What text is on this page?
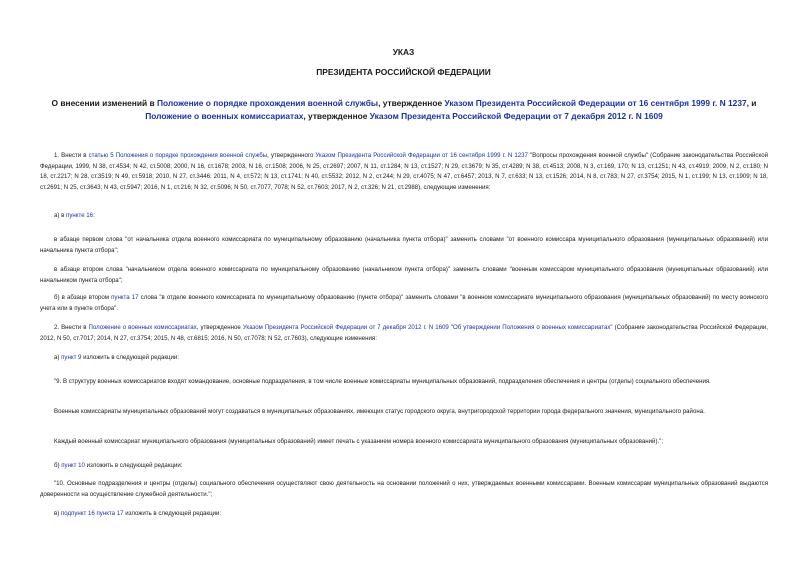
УКАЗ
ПРЕЗИДЕНТА РОССИЙСКОЙ ФЕДЕРАЦИИ
О внесении изменений в Положение о порядке прохождения военной службы, утвержденное Указом Президента Российской Федерации от 16 сентября 1999 г. N 1237, и Положение о военных комиссариатах, утвержденное Указом Президента Российской Федерации от 7 декабря 2012 г. N 1609
1. Внести в статью 5 Положения о порядке прохождения военной службы, утвержденного Указом Президента Российской Федерации от 16 сентября 1999 г. N 1237 "Вопросы прохождения военной службы" (Собрание законодательства Российской Федерации, 1999, N 38, ст.4534; N 42, ст.5008; 2000, N 16, ст.1678; 2003, N 16, ст.1508; 2006, N 25, ст.2697; 2007, N 11, ст.1284; N 13, ст.1527; N 29, ст.3679; N 35, ст.4289; N 38, ст.4513; 2008, N 3, ст.169, 170; N 13, ст.1251; N 43, ст.4919; 2009, N 2, ст.180; N 18, ст.2217; N 28, ст.3519; N 49, ст.5918; 2010, N 27, ст.3446; 2011, N 4, ст.572; N 13, ст.1741; N 40, ст.5532; 2012, N 2, ст.244; N 29, ст.4075; N 47, ст.6457; 2013, N 7, ст.633; N 13, ст.1526; 2014, N 8, ст.783; N 27, ст.3754; 2015, N 1, ст.199; N 13, ст.1909; N 18, ст.2691; N 25, ст.3643; N 43, ст.5947; 2016, N 1, ст.216; N 32, ст.5096; N 50, ст.7077, 7078; N 52, ст.7603; 2017, N 2, ст.326; N 21, ст.2988), следующие изменения:
а) в пункте 16:
в абзаце первом слова "от начальника отдела военного комиссариата по муниципальному образованию (начальника пункта отбора)" заменить словами "от военного комиссара муниципального образования (муниципальных образований) или начальника пункта отбора";
в абзаце втором слова "начальником отдела военного комиссариата по муниципальному образованию (начальником пункта отбора)" заменить словами "военным комиссаром муниципального образования (муниципальных образований) или начальником пункта отбора";
б) в абзаце втором пункта 17 слова "в отделе военного комиссариата по муниципальному образованию (пункте отбора)" заменить словами "в военном комиссариате муниципального образования (муниципальных образований) по месту воинского учета или в пункте отбора".
2. Внести в Положение о военных комиссариатах, утвержденное Указом Президента Российской Федерации от 7 декабря 2012 г. N 1609 "Об утверждении Положения о военных комиссариатах" (Собрание законодательства Российской Федерации, 2012, N 50, ст.7017; 2014, N 27, ст.3754; 2015, N 48, ст.6815; 2016, N 50, ст.7078; N 52, ст.7603), следующие изменения:
а) пункт 9 изложить в следующей редакции:
"9. В структуру военных комиссариатов входят командование, основные подразделения, в том числе военные комиссариаты муниципальных образований, подразделения обеспечения и центры (отделы) социального обеспечения.
Военные комиссариаты муниципальных образований могут создаваться в муниципальных образованиях, имеющих статус городского округа, внутригородской территории города федерального значения, муниципального района.
Каждый военный комиссариат муниципального образования (муниципальных образований) имеет печать с указанием номера военного комиссариата муниципального образования (муниципальных образований).";
б) пункт 10 изложить в следующей редакции:
"10. Основные подразделения и центры (отделы) социального обеспечения осуществляют свою деятельность на основании положений о них, утверждаемых военными комиссарами. Военным комиссарам муниципальных образований выдаются доверенности на осуществление служебной деятельности.";
в) подпункт 16 пункта 17 изложить в следующей редакции:
